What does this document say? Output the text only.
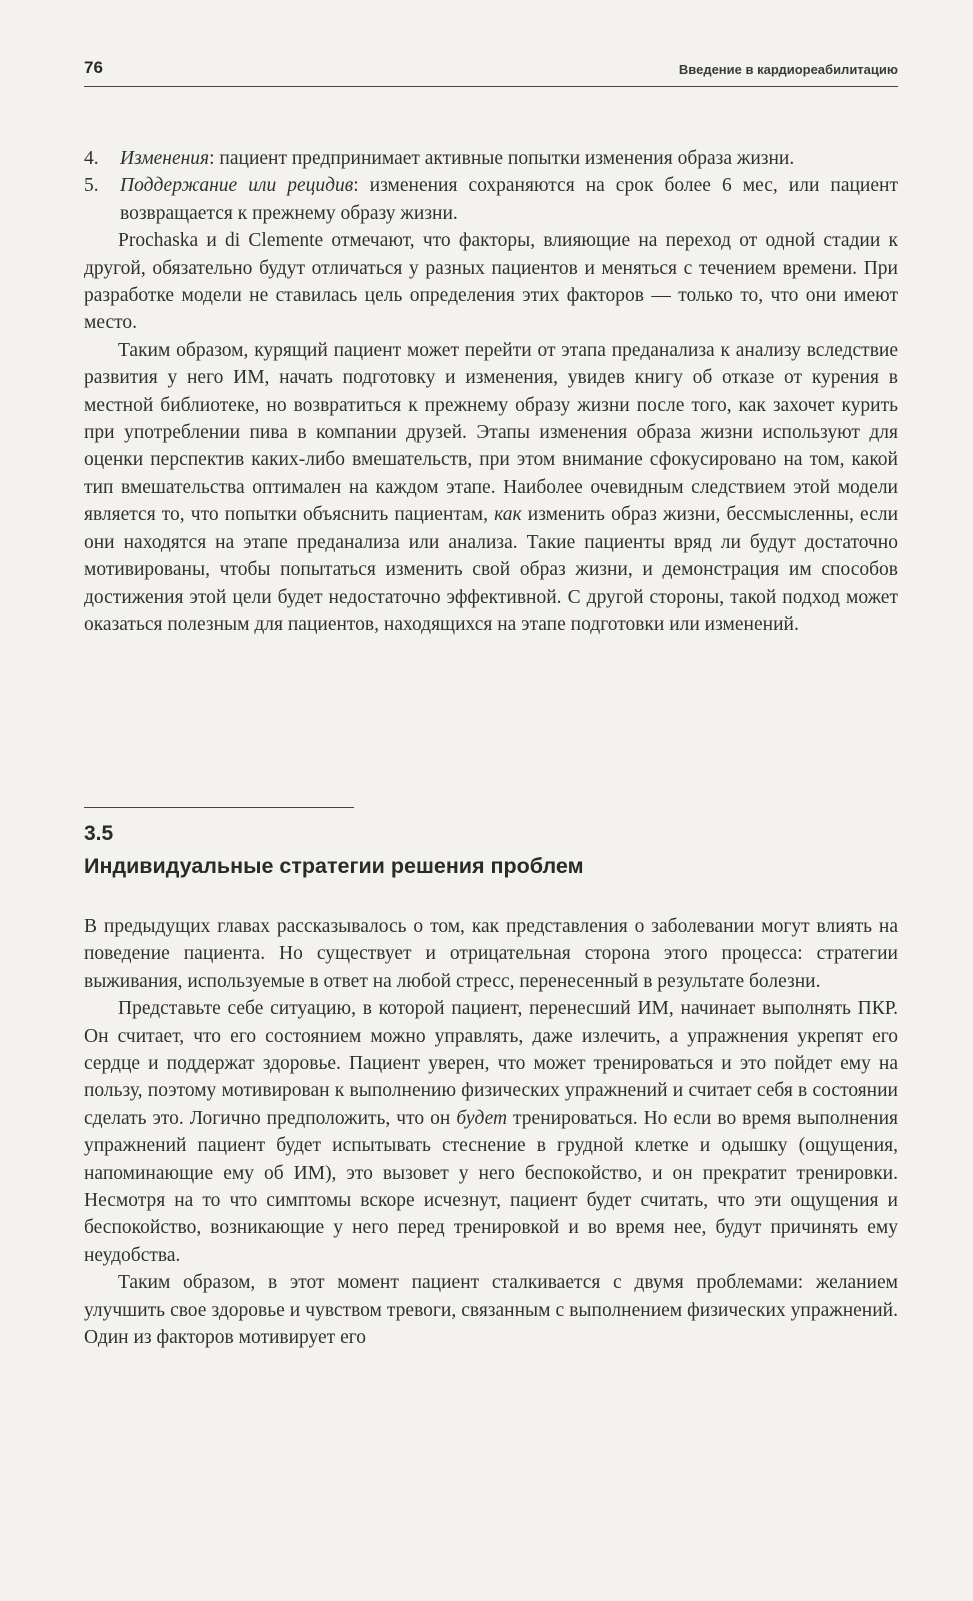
76	Введение в кардиореабилитацию
4. Изменения: пациент предпринимает активные попытки изменения образа жизни.
5. Поддержание или рецидив: изменения сохраняются на срок более 6 мес, или пациент возвращается к прежнему образу жизни.

Prochaska и di Clemente отмечают, что факторы, влияющие на переход от одной стадии к другой, обязательно будут отличаться у разных пациентов и меняться с течением времени. При разработке модели не ставилась цель определения этих факторов — только то, что они имеют место.

Таким образом, курящий пациент может перейти от этапа преданализа к анализу вследствие развития у него ИМ, начать подготовку и изменения, увидев книгу об отказе от курения в местной библиотеке, но возвратиться к прежнему образу жизни после того, как захочет курить при употреблении пива в компании друзей. Этапы изменения образа жизни используют для оценки перспектив каких-либо вмешательств, при этом внимание сфокусировано на том, какой тип вмешательства оптимален на каждом этапе. Наиболее очевидным следствием этой модели является то, что попытки объяснить пациентам, как изменить образ жизни, бессмысленны, если они находятся на этапе преданализа или анализа. Такие пациенты вряд ли будут достаточно мотивированы, чтобы попытаться изменить свой образ жизни, и демонстрация им способов достижения этой цели будет недостаточно эффективной. С другой стороны, такой подход может оказаться полезным для пациентов, находящихся на этапе подготовки или изменений.

3.5
Индивидуальные стратегии решения проблем

В предыдущих главах рассказывалось о том, как представления о заболевании могут влиять на поведение пациента. Но существует и отрицательная сторона этого процесса: стратегии выживания, используемые в ответ на любой стресс, перенесенный в результате болезни.

Представьте себе ситуацию, в которой пациент, перенесший ИМ, начинает выполнять ПКР. Он считает, что его состоянием можно управлять, даже излечить, а упражнения укрепят его сердце и поддержат здоровье. Пациент уверен, что может тренироваться и это пойдет ему на пользу, поэтому мотивирован к выполнению физических упражнений и считает себя в состоянии сделать это. Логично предположить, что он будет тренироваться. Но если во время выполнения упражнений пациент будет испытывать стеснение в грудной клетке и одышку (ощущения, напоминающие ему об ИМ), это вызовет у него беспокойство, и он прекратит тренировки. Несмотря на то что симптомы вскоре исчезнут, пациент будет считать, что эти ощущения и беспокойство, возникающие у него перед тренировкой и во время нее, будут причинять ему неудобства.

Таким образом, в этот момент пациент сталкивается с двумя проблемами: желанием улучшить свое здоровье и чувством тревоги, связанным с выполнением физических упражнений. Один из факторов мотивирует его
